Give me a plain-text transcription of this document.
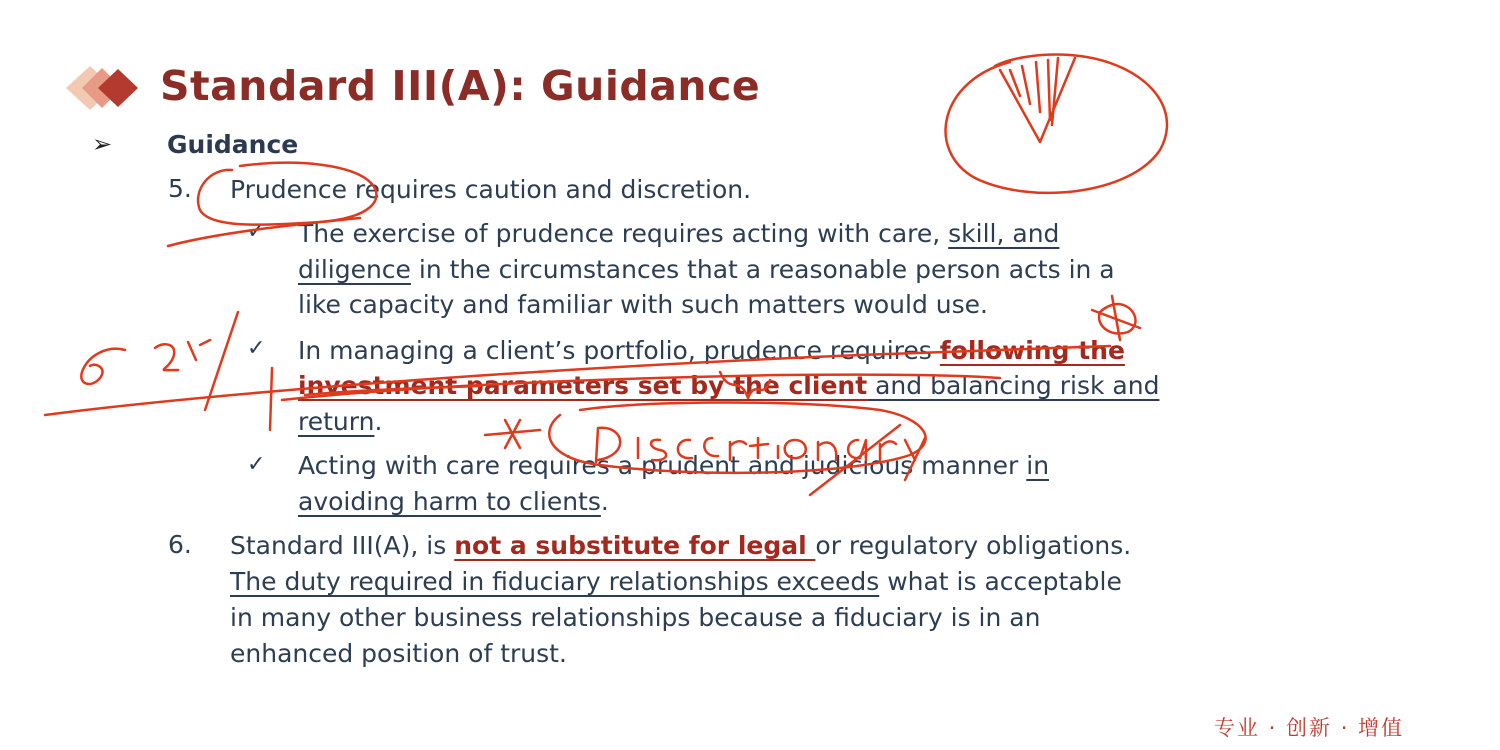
Standard III(A): Guidance
➢ Guidance
5. Prudence requires caution and discretion.
✓ The exercise of prudence requires acting with care, skill, and
diligence in the circumstances that a reasonable person acts in a
like capacity and familiar with such matters would use.
✓ In managing a client’s portfolio, prudence requires following the
investment parameters set by the client and balancing risk and
return.
✓ Acting with care requires a prudent and judicious manner in
avoiding harm to clients.
6. Standard III(A), is not a substitute for legal or regulatory obligations.
The duty required in fiduciary relationships exceeds what is acceptable
in many other business relationships because a fiduciary is in an
enhanced position of trust.
专业 · 创新 · 增值
